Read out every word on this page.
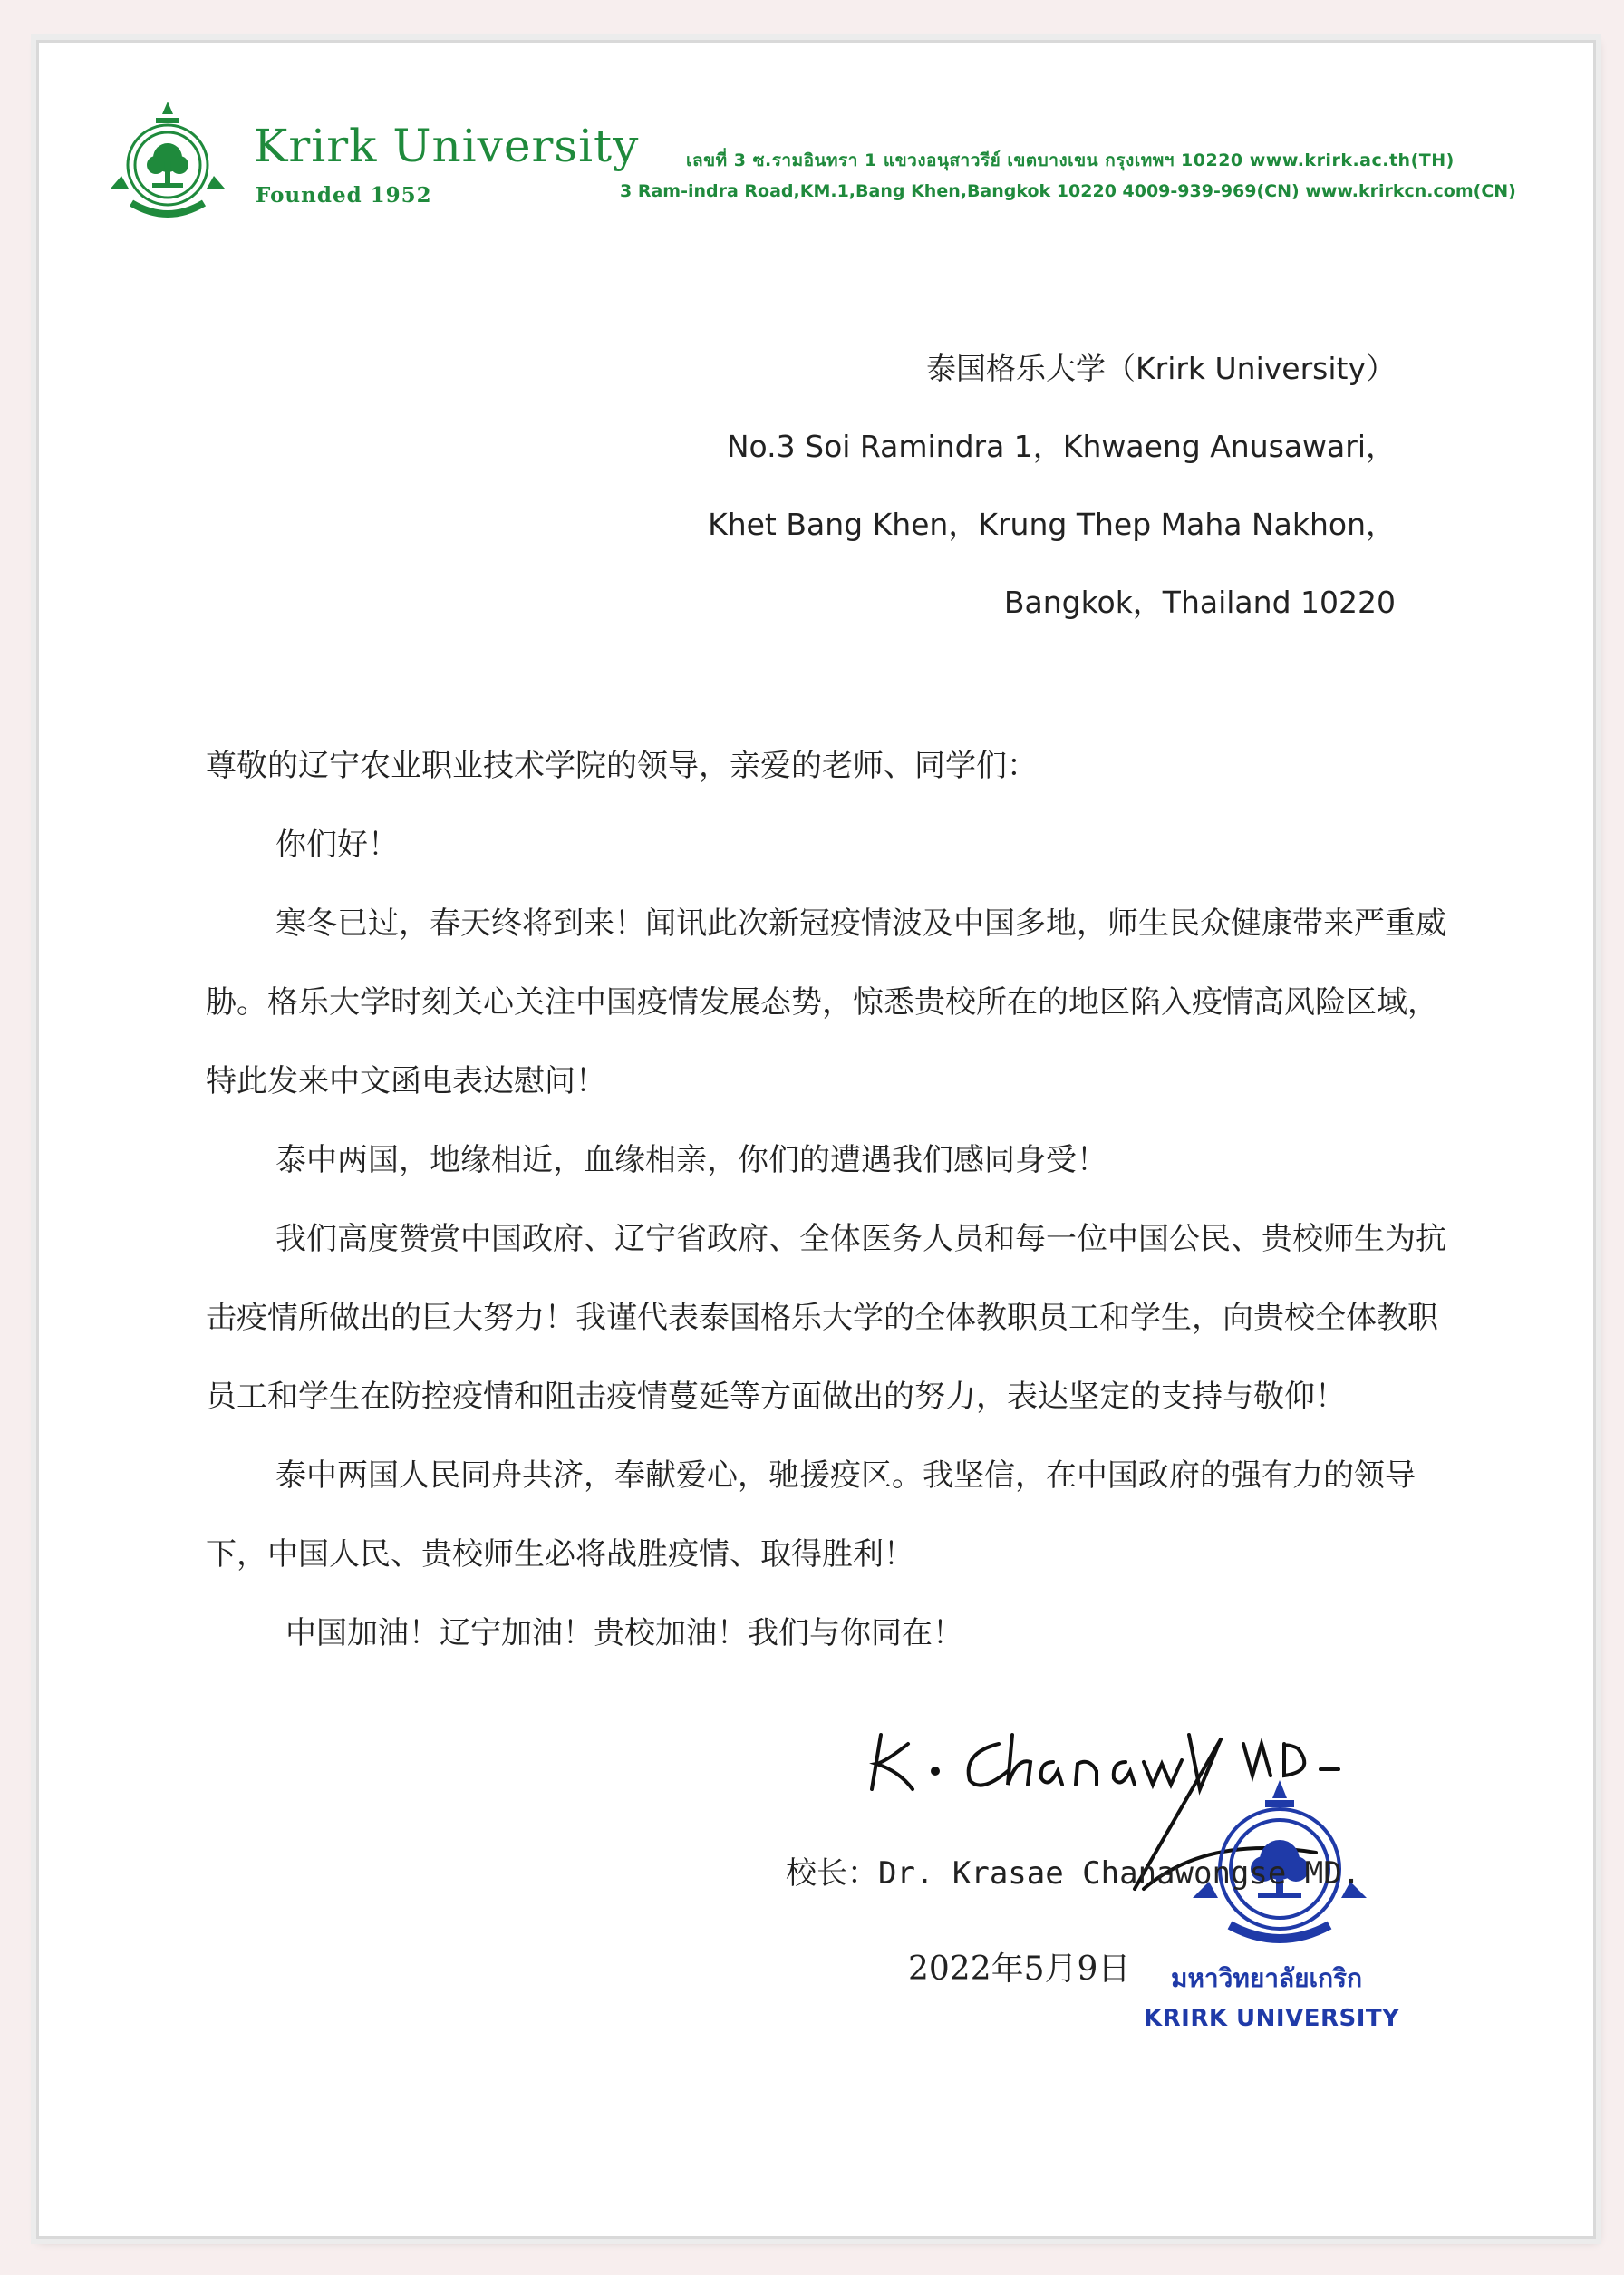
Krirk University
Founded 1952
เลขที่ 3 ซ.รามอินทรา 1 แขวงอนุสาวรีย์ เขตบางเขน กรุงเทพฯ 10220 www.krirk.ac.th(TH)
3 Ram-indra Road,KM.1,Bang Khen,Bangkok 10220 4009-939-969(CN) www.krirkcn.com(CN)
泰国格乐大学（Krirk University）
No.3 Soi Ramindra 1，Khwaeng Anusawari，
Khet Bang Khen，Krung Thep Maha Nakhon，
Bangkok，Thailand 10220

尊敬的辽宁农业职业技术学院的领导，亲爱的老师、同学们：

你们好！

寒冬已过，春天终将到来！闻讯此次新冠疫情波及中国多地，师生民众健康带来严重威胁。格乐大学时刻关心关注中国疫情发展态势，惊悉贵校所在的地区陷入疫情高风险区域，特此发来中文函电表达慰问！

泰中两国，地缘相近，血缘相亲，你们的遭遇我们感同身受！

我们高度赞赏中国政府、辽宁省政府、全体医务人员和每一位中国公民、贵校师生为抗击疫情所做出的巨大努力！我谨代表泰国格乐大学的全体教职员工和学生，向贵校全体教职员工和学生在防控疫情和阻击疫情蔓延等方面做出的努力，表达坚定的支持与敬仰！

泰中两国人民同舟共济，奉献爱心，驰援疫区。我坚信，在中国政府的强有力的领导下，中国人民、贵校师生必将战胜疫情、取得胜利！

中国加油！辽宁加油！贵校加油！我们与你同在！

校长：Dr. Krasae Chanawongse MD.
2022年5月9日 มหาวิทยาลัยเกริก
KRIRK UNIVERSITY
